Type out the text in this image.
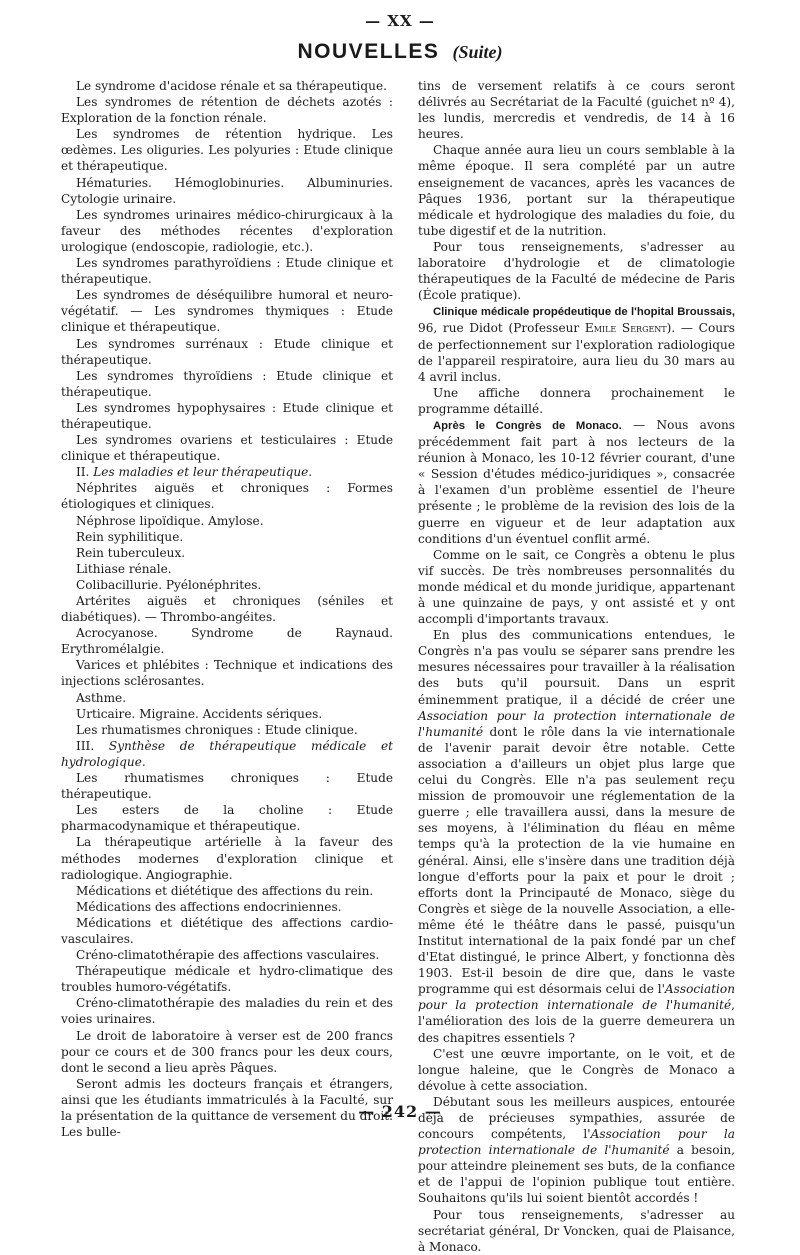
— XX —
NOUVELLES (Suite)

Le syndrome d'acidose rénale et sa thérapeutique.

Les syndromes de rétention de déchets azotés : Exploration de la fonction rénale.

Les syndromes de rétention hydrique. Les œdèmes. Les oliguries. Les polyuries : Etude clinique et thérapeutique.

Hématuries. Hémoglobinuries. Albuminuries. Cytologie urinaire.

Les syndromes urinaires médico-chirurgicaux à la faveur des méthodes récentes d'exploration urologique (endoscopie, radiologie, etc.).

Les syndromes parathyroïdiens : Etude clinique et thérapeutique.

Les syndromes de déséquilibre humoral et neuro-végétatif. — Les syndromes thymiques : Etude clinique et thérapeutique.

Les syndromes surrénaux : Etude clinique et thérapeutique.

Les syndromes thyroïdiens : Etude clinique et thérapeutique.

Les syndromes hypophysaires : Etude clinique et thérapeutique.

Les syndromes ovariens et testiculaires : Etude clinique et thérapeutique.

II. Les maladies et leur thérapeutique.

Néphrites aiguës et chroniques : Formes étiologiques et cliniques.

Néphrose lipoïdique. Amylose.

Rein syphilitique.

Rein tuberculeux.

Lithiase rénale.

Colibacillurie. Pyélonéphrites.

Artérites aiguës et chroniques (séniles et diabétiques). — Thrombo-angéites.

Acrocyanose. Syndrome de Raynaud. Erythromélalgie.

Varices et phlébites : Technique et indications des injections sclérosantes.

Asthme.

Urticaire. Migraine. Accidents sériques.

Les rhumatismes chroniques : Etude clinique.

III. Synthèse de thérapeutique médicale et hydrologique.

Les rhumatismes chroniques : Etude thérapeutique.

Les esters de la choline : Etude pharmacodynamique et thérapeutique.

La thérapeutique artérielle à la faveur des méthodes modernes d'exploration clinique et radiologique. Angiographie.

Médications et diététique des affections du rein.

Médications des affections endocriniennes.

Médications et diététique des affections cardio-vasculaires.

Créno-climatothérapie des affections vasculaires.

Thérapeutique médicale et hydro-climatique des troubles humoro-végétatifs.

Créno-climatothérapie des maladies du rein et des voies urinaires.

Le droit de laboratoire à verser est de 200 francs pour ce cours et de 300 francs pour les deux cours, dont le second a lieu après Pâques.

Seront admis les docteurs français et étrangers, ainsi que les étudiants immatriculés à la Faculté, sur la présentation de la quittance de versement du droit. Les bulle-

tins de versement relatifs à ce cours seront délivrés au Secrétariat de la Faculté (guichet nº 4), les lundis, mercredis et vendredis, de 14 à 16 heures.

Chaque année aura lieu un cours semblable à la même époque. Il sera complété par un autre enseignement de vacances, après les vacances de Pâques 1936, portant sur la thérapeutique médicale et hydrologique des maladies du foie, du tube digestif et de la nutrition.

Pour tous renseignements, s'adresser au laboratoire d'hydrologie et de climatologie thérapeutiques de la Faculté de médecine de Paris (École pratique).

Clinique médicale propédeutique de l'hopital Broussais, 96, rue Didot (Professeur Emile Sergent). — Cours de perfectionnement sur l'exploration radiologique de l'appareil respiratoire, aura lieu du 30 mars au 4 avril inclus.

Une affiche donnera prochainement le programme détaillé.

Après le Congrès de Monaco. — Nous avons précédemment fait part à nos lecteurs de la réunion à Monaco, les 10-12 février courant, d'une « Session d'études médico-juridiques », consacrée à l'examen d'un problème essentiel de l'heure présente ; le problème de la revision des lois de la guerre en vigueur et de leur adaptation aux conditions d'un éventuel conflit armé.

Comme on le sait, ce Congrès a obtenu le plus vif succès. De très nombreuses personnalités du monde médical et du monde juridique, appartenant à une quinzaine de pays, y ont assisté et y ont accompli d'importants travaux.

En plus des communications entendues, le Congrès n'a pas voulu se séparer sans prendre les mesures nécessaires pour travailler à la réalisation des buts qu'il poursuit. Dans un esprit éminemment pratique, il a décidé de créer une Association pour la protection internationale de l'humanité dont le rôle dans la vie internationale de l'avenir parait devoir être notable. Cette association a d'ailleurs un objet plus large que celui du Congrès. Elle n'a pas seulement reçu mission de promouvoir une réglementation de la guerre ; elle travaillera aussi, dans la mesure de ses moyens, à l'élimination du fléau en même temps qu'à la protection de la vie humaine en général. Ainsi, elle s'insère dans une tradition déjà longue d'efforts pour la paix et pour le droit ; efforts dont la Principauté de Monaco, siège du Congrès et siège de la nouvelle Association, a elle-même été le théâtre dans le passé, puisqu'un Institut international de la paix fondé par un chef d'Etat distingué, le prince Albert, y fonctionna dès 1903. Est-il besoin de dire que, dans le vaste programme qui est désormais celui de l'Association pour la protection internationale de l'humanité, l'amélioration des lois de la guerre demeurera un des chapitres essentiels ?

C'est une œuvre importante, on le voit, et de longue haleine, que le Congrès de Monaco a dévolue à cette association.

Débutant sous les meilleurs auspices, entourée déjà de précieuses sympathies, assurée de concours compétents, l'Association pour la protection internationale de l'humanité a besoin, pour atteindre pleinement ses buts, de la confiance et de l'appui de l'opinion publique tout entière. Souhaitons qu'ils lui soient bientôt accordés !

Pour tous renseignements, s'adresser au secrétariat général, Dr Voncken, quai de Plaisance, à Monaco.

— 242 —
